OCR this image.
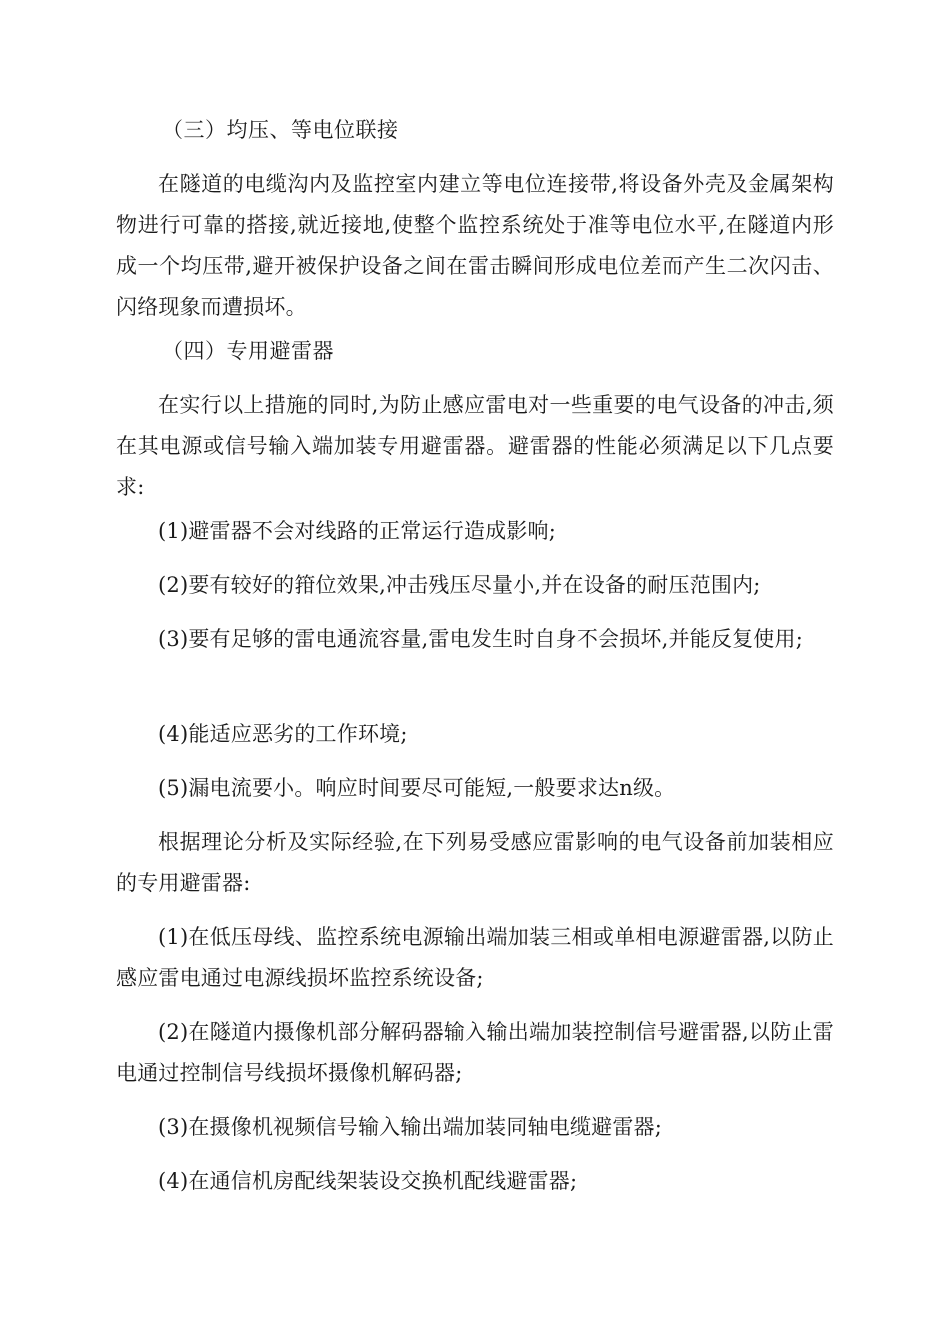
（三）均压、等电位联接

在隧道的电缆沟内及监控室内建立等电位连接带,将设备外壳及金属架构物进行可靠的搭接,就近接地,使整个监控系统处于准等电位水平,在隧道内形成一个均压带,避开被保护设备之间在雷击瞬间形成电位差而产生二次闪击、闪络现象而遭损坏。

（四）专用避雷器

在实行以上措施的同时,为防止感应雷电对一些重要的电气设备的冲击,须在其电源或信号输入端加装专用避雷器。避雷器的性能必须满足以下几点要求:

(1)避雷器不会对线路的正常运行造成影响;

(2)要有较好的箝位效果,冲击残压尽量小,并在设备的耐压范围内;

(3)要有足够的雷电通流容量,雷电发生时自身不会损坏,并能反复使用;

(4)能适应恶劣的工作环境;

(5)漏电流要小。响应时间要尽可能短,一般要求达n级。

根据理论分析及实际经验,在下列易受感应雷影响的电气设备前加装相应的专用避雷器:

(1)在低压母线、监控系统电源输出端加装三相或单相电源避雷器,以防止感应雷电通过电源线损坏监控系统设备;

(2)在隧道内摄像机部分解码器输入输出端加装控制信号避雷器,以防止雷电通过控制信号线损坏摄像机解码器;

(3)在摄像机视频信号输入输出端加装同轴电缆避雷器;

(4)在通信机房配线架装设交换机配线避雷器;
